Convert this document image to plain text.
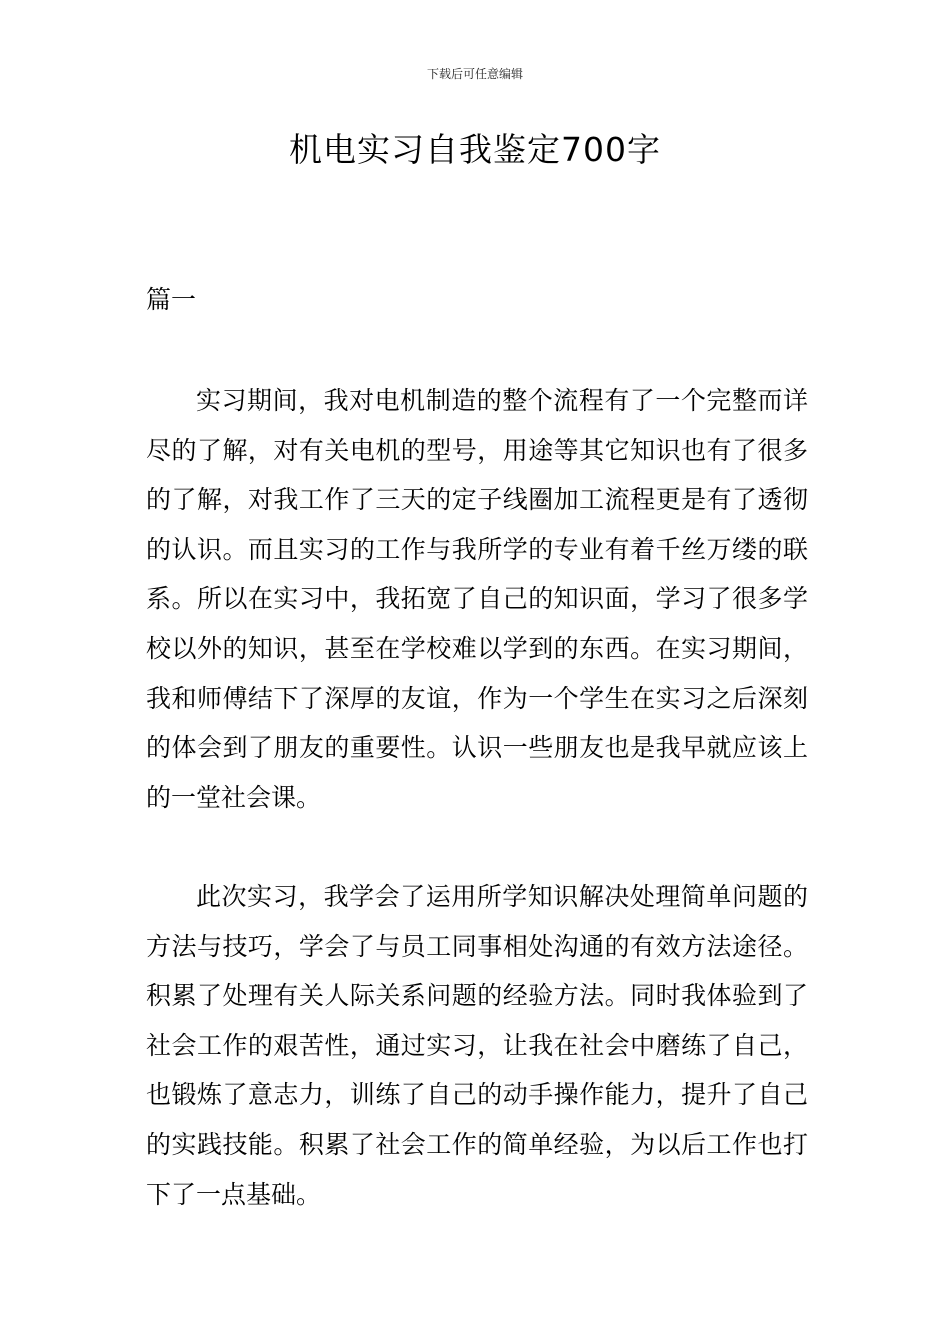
下载后可任意编辑
机电实习自我鉴定700字
篇一

实习期间，我对电机制造的整个流程有了一个完整而详尽的了解，对有关电机的型号，用途等其它知识也有了很多的了解，对我工作了三天的定子线圈加工流程更是有了透彻的认识。而且实习的工作与我所学的专业有着千丝万缕的联系。所以在实习中，我拓宽了自己的知识面，学习了很多学校以外的知识，甚至在学校难以学到的东西。在实习期间，我和师傅结下了深厚的友谊，作为一个学生在实习之后深刻的体会到了朋友的重要性。认识一些朋友也是我早就应该上的一堂社会课。

此次实习，我学会了运用所学知识解决处理简单问题的方法与技巧，学会了与员工同事相处沟通的有效方法途径。积累了处理有关人际关系问题的经验方法。同时我体验到了社会工作的艰苦性，通过实习，让我在社会中磨练了自己，也锻炼了意志力，训练了自己的动手操作能力，提升了自己的实践技能。积累了社会工作的简单经验，为以后工作也打下了一点基础。
